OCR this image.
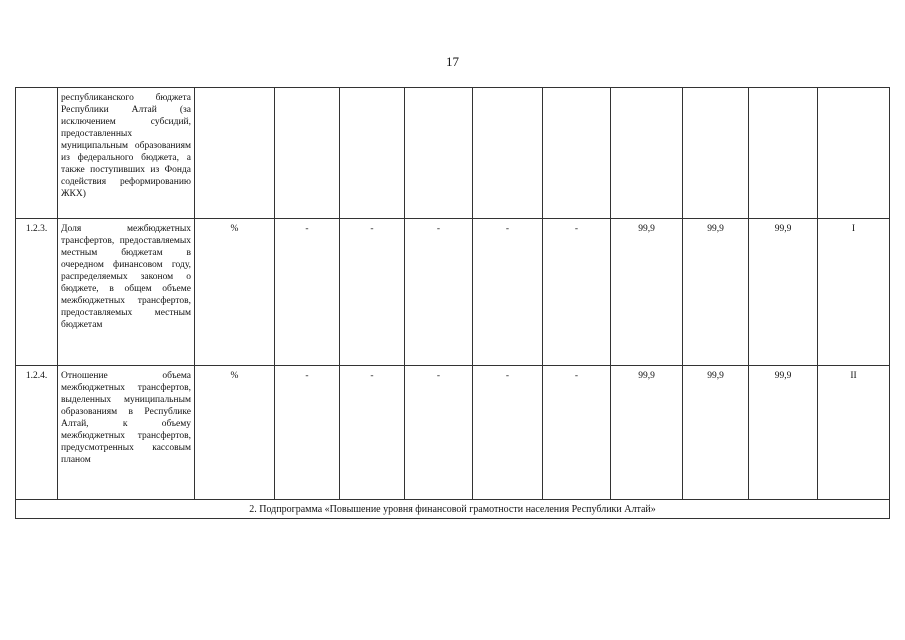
17
	республиканского бюджета Республики Алтай (за исключением субсидий, предоставленных муниципальным образованиям из федерального бюджета, а также поступивших из Фонда содействия реформированию ЖКХ)										
1.2.3.	Доля межбюджетных трансфертов, предоставляемых местным бюджетам в очередном финансовом году, распределяемых законом о бюджете, в общем объеме межбюджетных трансфертов, предоставляемых местным бюджетам	%	-	-	-	-	-	99,9	99,9	99,9	I
1.2.4.	Отношение объема межбюджетных трансфертов, выделенных муниципальным образованиям в Республике Алтай, к объему межбюджетных трансфертов, предусмотренных кассовым планом	%	-	-	-	-	-	99,9	99,9	99,9	II
2. Подпрограмма «Повышение уровня финансовой грамотности населения Республики Алтай»											
